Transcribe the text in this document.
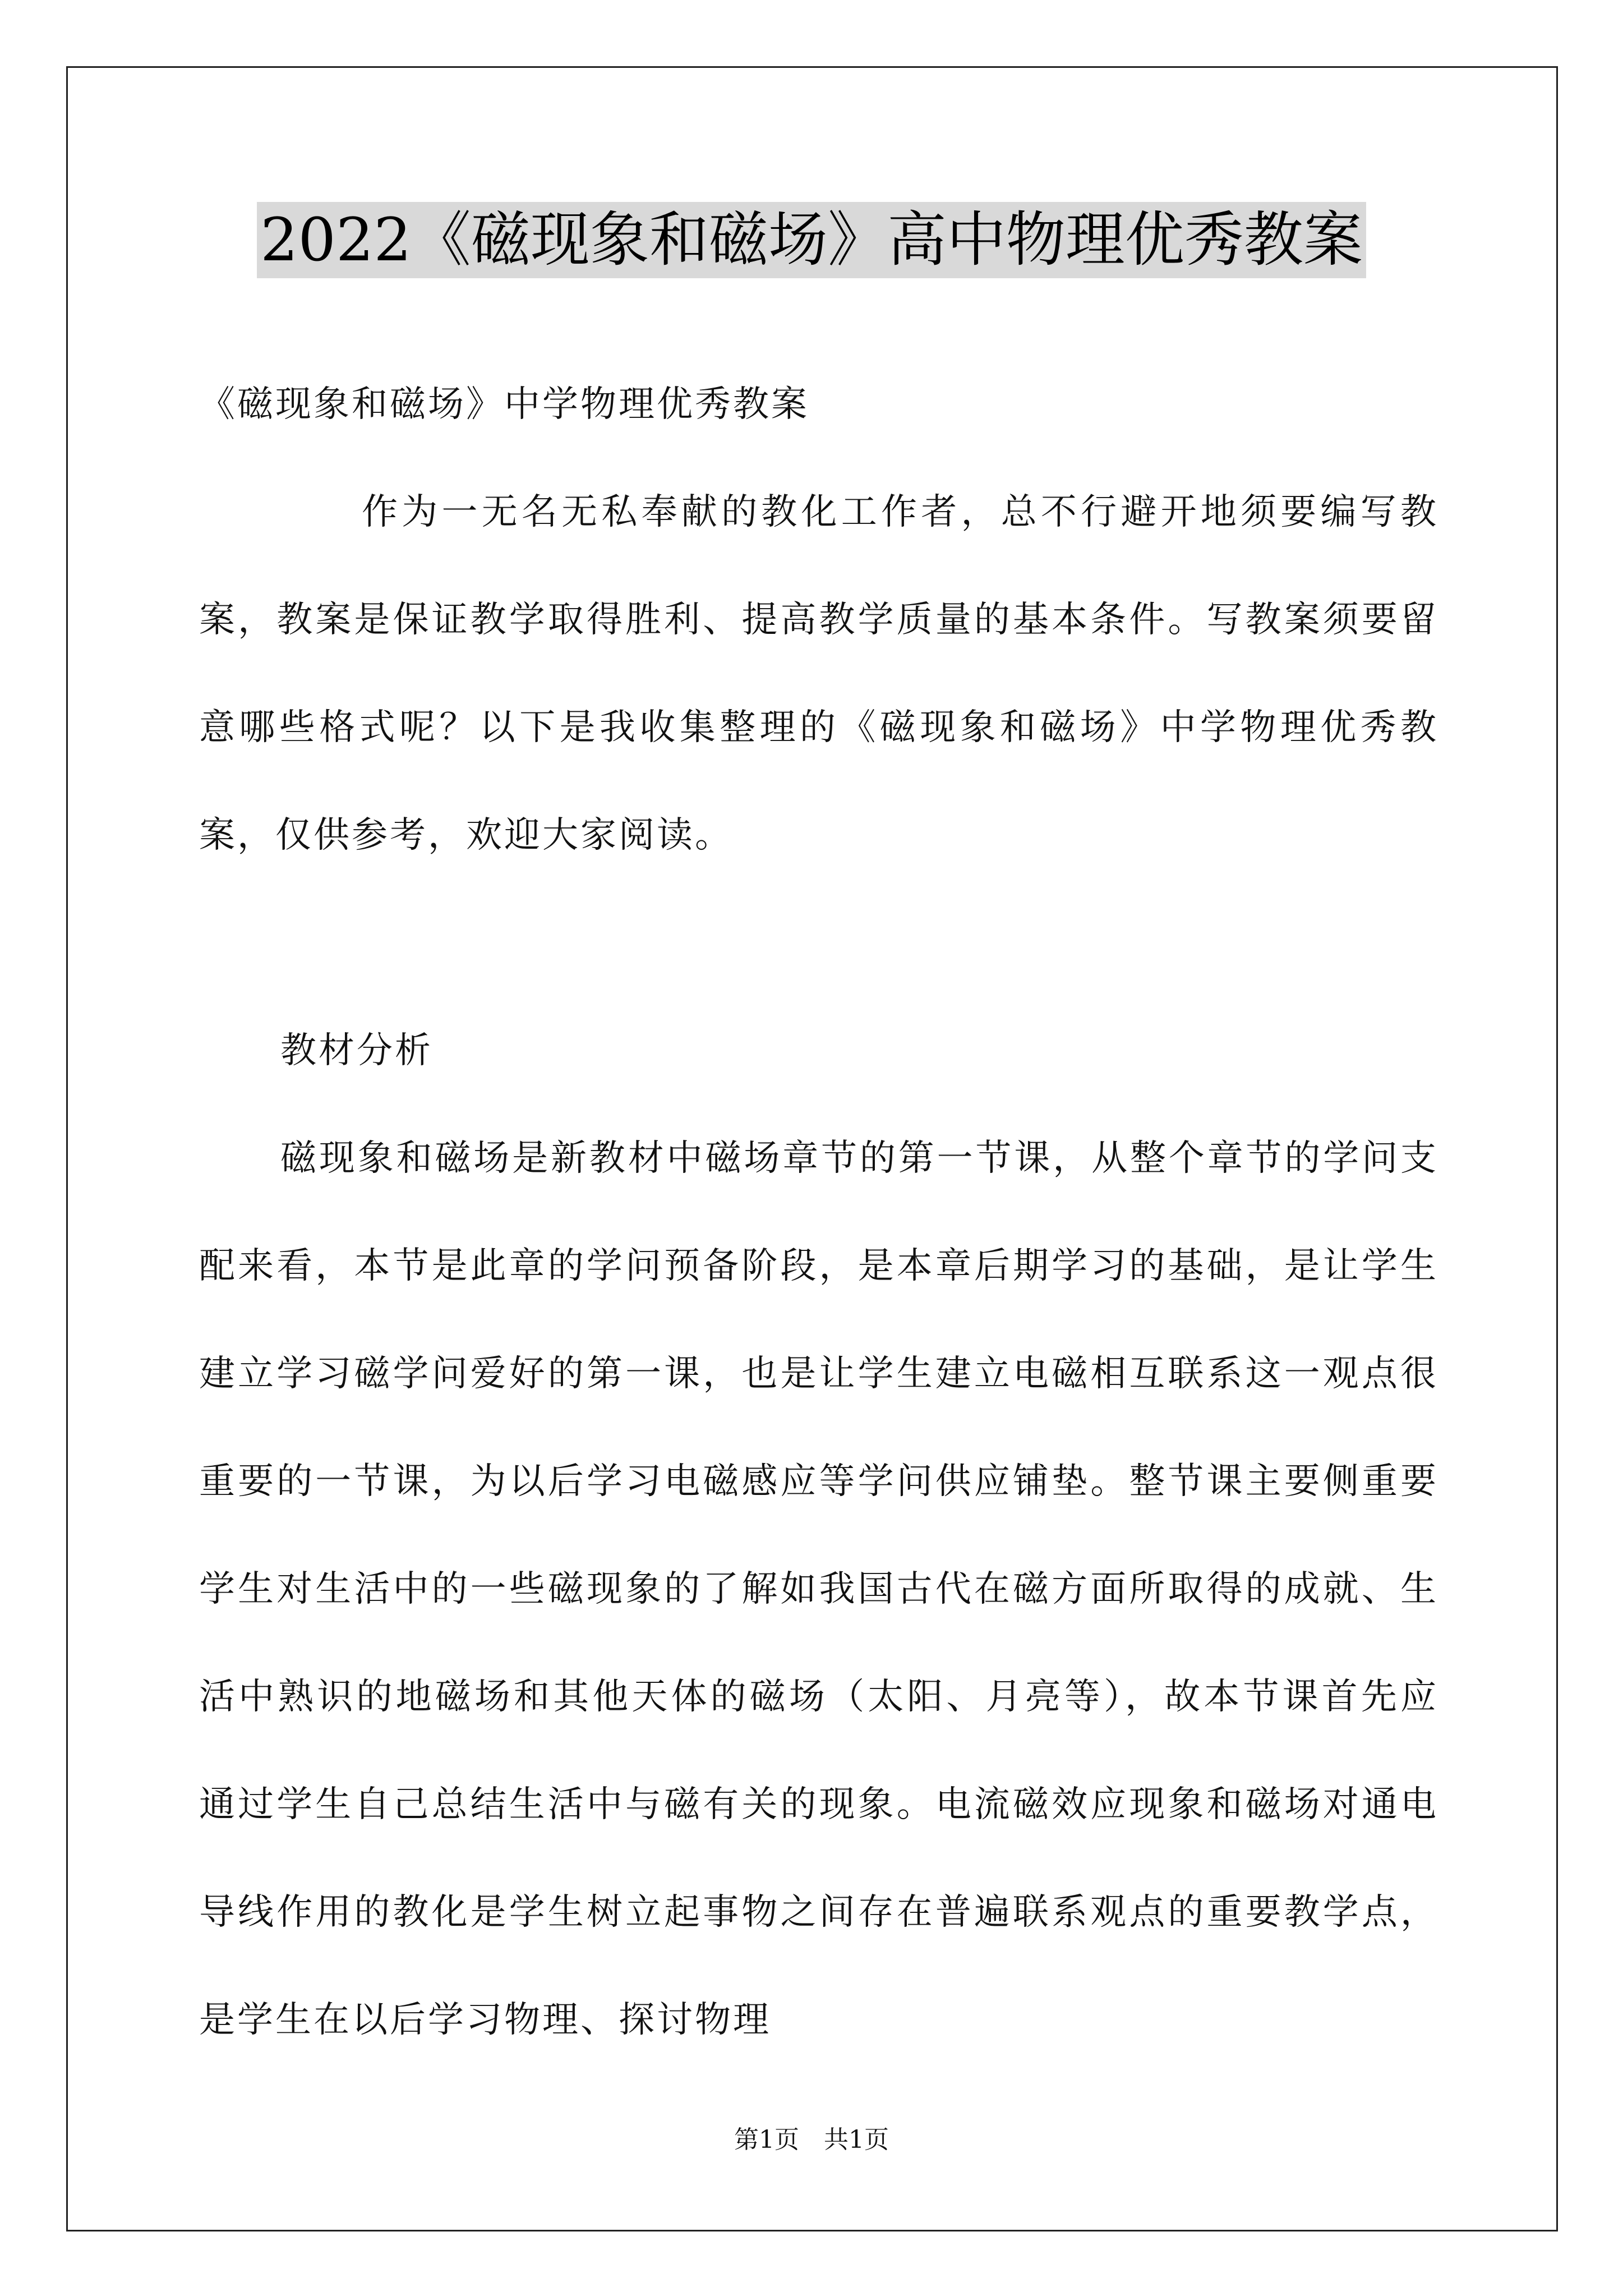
2022《磁现象和磁场》高中物理优秀教案

《磁现象和磁场》中学物理优秀教案

作为一无名无私奉献的教化工作者，总不行避开地须要编写教案，教案是保证教学取得胜利、提高教学质量的基本条件。写教案须要留意哪些格式呢？以下是我收集整理的《磁现象和磁场》中学物理优秀教案，仅供参考，欢迎大家阅读。

教材分析

磁现象和磁场是新教材中磁场章节的第一节课，从整个章节的学问支配来看，本节是此章的学问预备阶段，是本章后期学习的基础，是让学生建立学习磁学问爱好的第一课，也是让学生建立电磁相互联系这一观点很重要的一节课，为以后学习电磁感应等学问供应铺垫。整节课主要侧重要学生对生活中的一些磁现象的了解如我国古代在磁方面所取得的成就、生活中熟识的地磁场和其他天体的磁场（太阳、月亮等），故本节课首先应通过学生自己总结生活中与磁有关的现象。电流磁效应现象和磁场对通电导线作用的教化是学生树立起事物之间存在普遍联系观点的重要教学点，是学生在以后学习物理、探讨物理

第1页　共1页
